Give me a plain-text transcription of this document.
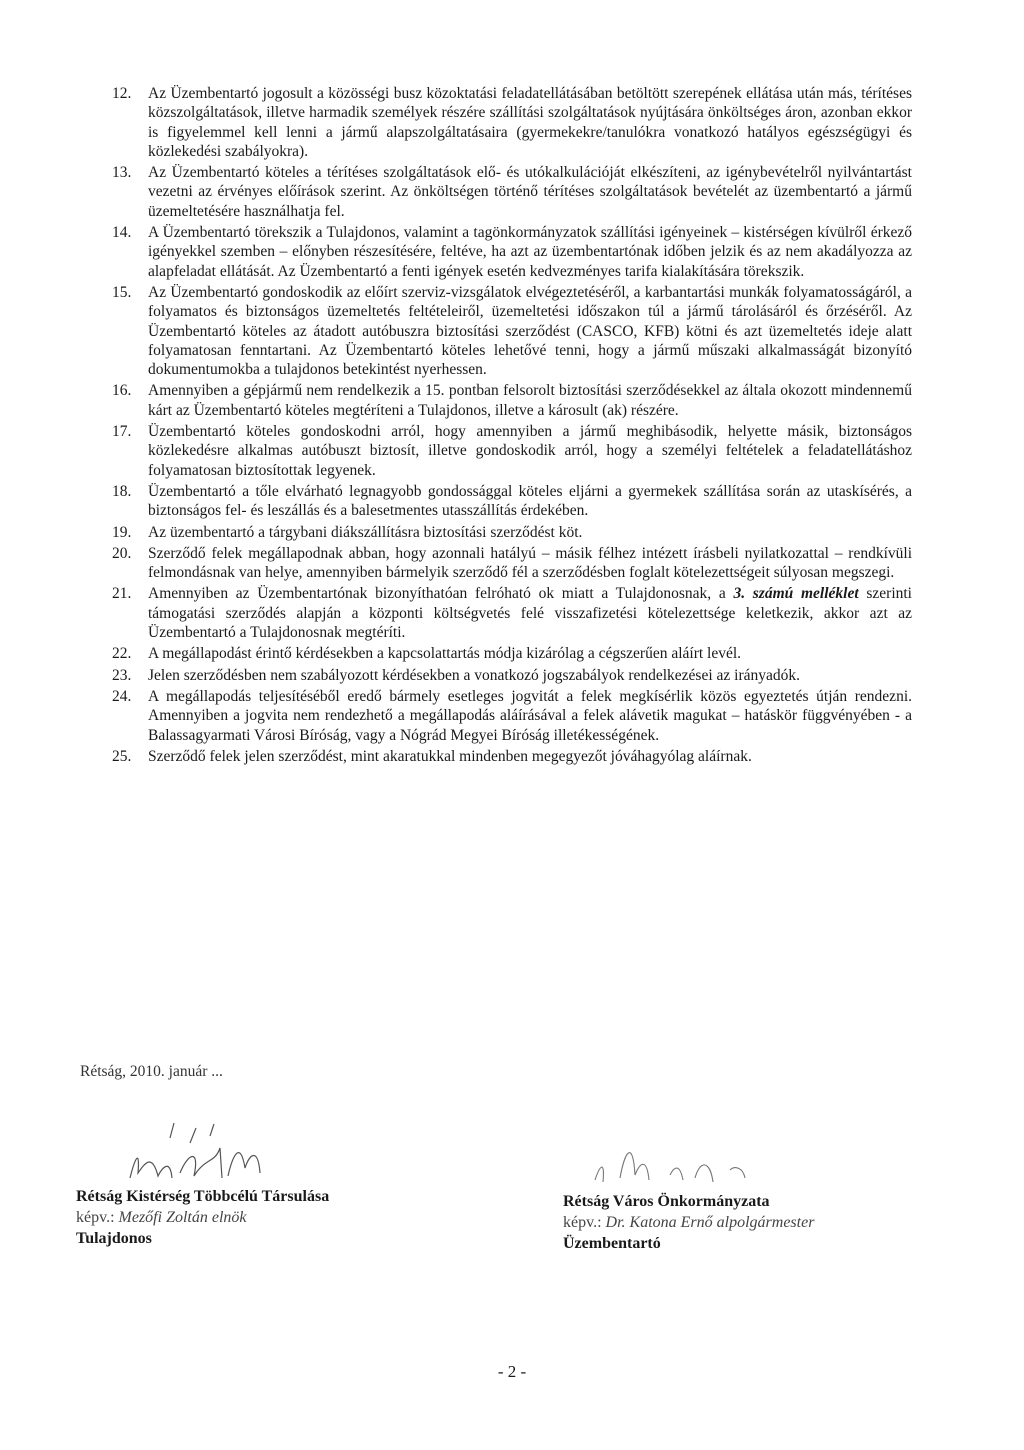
12.	Az Üzembentartó jogosult a közösségi busz közoktatási feladatellátásában betöltött szerepének ellátása után más, térítéses közszolgáltatások, illetve harmadik személyek részére szállítási szolgáltatások nyújtására önköltséges áron, azonban ekkor is figyelemmel kell lenni a jármű alapszolgáltatásaira (gyermekekre/tanulókra vonatkozó hatályos egészségügyi és közlekedési szabályokra).
13.	Az Üzembentartó köteles a térítéses szolgáltatások elő- és utókalkulációját elkészíteni, az igénybevételről nyilvántartást vezetni az érvényes előírások szerint. Az önköltségen történő térítéses szolgáltatások bevételét az üzembentartó a jármű üzemeltetésére használhatja fel.
14.	A Üzembentartó törekszik a Tulajdonos, valamint a tagönkormányzatok szállítási igényeinek – kistérségen kívülről érkező igényekkel szemben – előnyben részesítésére, feltéve, ha azt az üzembentartónak időben jelzik és az nem akadályozza az alapfeladat ellátását. Az Üzembentartó a fenti igények esetén kedvezményes tarifa kialakítására törekszik.
15.	Az Üzembentartó gondoskodik az előírt szerviz-vizsgálatok elvégeztetéséről, a karbantartási munkák folyamatosságáról, a folyamatos és biztonságos üzemeltetés feltételeiről, üzemeltetési időszakon túl a jármű tárolásáról és őrzéséről. Az Üzembentartó köteles az átadott autóbuszra biztosítási szerződést (CASCO, KFB) kötni és azt üzemeltetés ideje alatt folyamatosan fenntartani. Az Üzembentartó köteles lehetővé tenni, hogy a jármű műszaki alkalmasságát bizonyító dokumentumokba a tulajdonos betekintést nyerhessen.
16.	Amennyiben a gépjármű nem rendelkezik a 15. pontban felsorolt biztosítási szerződésekkel az általa okozott mindennemű kárt az Üzembentartó köteles megtéríteni a Tulajdonos, illetve a károsult (ak) részére.
17.	Üzembentartó köteles gondoskodni arról, hogy amennyiben a jármű meghibásodik, helyette másik, biztonságos közlekedésre alkalmas autóbuszt biztosít, illetve gondoskodik arról, hogy a személyi feltételek a feladatellátáshoz folyamatosan biztosítottak legyenek.
18.	Üzembentartó a tőle elvárható legnagyobb gondossággal köteles eljárni a gyermekek szállítása során az utaskísérés, a biztonságos fel- és leszállás és a balesetmentes utasszállítás érdekében.
19.	Az üzembentartó a tárgybani diákszállításra biztosítási szerződést köt.
20.	Szerződő felek megállapodnak abban, hogy azonnali hatályú – másik félhez intézett írásbeli nyilatkozattal – rendkívüli felmondásnak van helye, amennyiben bármelyik szerződő fél a szerződésben foglalt kötelezettségeit súlyosan megszegi.
21.	Amennyiben az Üzembentartónak bizonyíthatóan felróható ok miatt a Tulajdonosnak, a 3. számú melléklet szerinti támogatási szerződés alapján a központi költségvetés felé visszafizetési kötelezettsége keletkezik, akkor azt az Üzembentartó a Tulajdonosnak megtéríti.
22.	A megállapodást érintő kérdésekben a kapcsolattartás módja kizárólag a cégszerűen aláírt levél.
23.	Jelen szerződésben nem szabályozott kérdésekben a vonatkozó jogszabályok rendelkezései az irányadók.
24.	A megállapodás teljesítéséből eredő bármely esetleges jogvitát a felek megkísérlik közös egyeztetés útján rendezni. Amennyiben a jogvita nem rendezhető a megállapodás aláírásával a felek alávetik magukat – hatáskör függvényében - a Balassagyarmati Városi Bíróság, vagy a Nógrád Megyei Bíróság illetékességének.
25.	Szerződő felek jelen szerződést, mint akaratukkal mindenben megegyezőt jóváhagyólag aláírnak.
Rétság, 2010. január ...
Rétság Kistérség Többcélú Társulása
képv.: Mezőfi Zoltán elnök
Tulajdonos
Rétság Város Önkormányzata
képv.: Dr. Katona Ernő alpolgármester
Üzembentartó
- 2 -
